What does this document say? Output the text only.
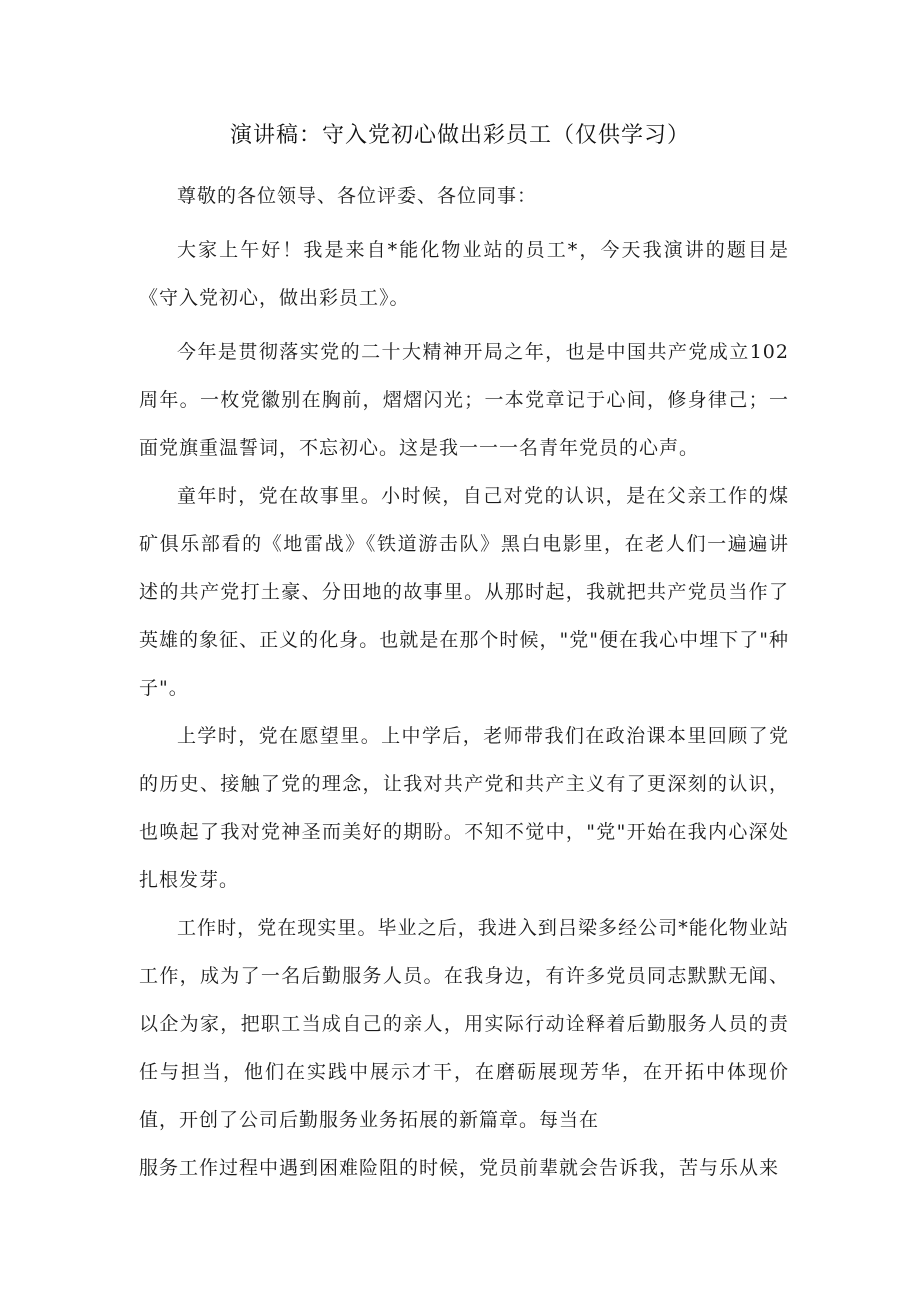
演讲稿：守入党初心做出彩员工（仅供学习）

尊敬的各位领导、各位评委、各位同事：

大家上午好！我是来自*能化物业站的员工*，今天我演讲的题目是《守入党初心，做出彩员工》。

今年是贯彻落实党的二十大精神开局之年，也是中国共产党成立102周年。一枚党徽别在胸前，熠熠闪光；一本党章记于心间，修身律己；一面党旗重温誓词，不忘初心。这是我一一一名青年党员的心声。

童年时，党在故事里。小时候，自己对党的认识，是在父亲工作的煤矿俱乐部看的《地雷战》《铁道游击队》黑白电影里，在老人们一遍遍讲述的共产党打土豪、分田地的故事里。从那时起，我就把共产党员当作了英雄的象征、正义的化身。也就是在那个时候，"党"便在我心中埋下了"种子"。

上学时，党在愿望里。上中学后，老师带我们在政治课本里回顾了党的历史、接触了党的理念，让我对共产党和共产主义有了更深刻的认识，也唤起了我对党神圣而美好的期盼。不知不觉中，"党"开始在我内心深处扎根发芽。

工作时，党在现实里。毕业之后，我进入到吕梁多经公司*能化物业站工作，成为了一名后勤服务人员。在我身边，有许多党员同志默默无闻、以企为家，把职工当成自己的亲人，用实际行动诠释着后勤服务人员的责任与担当，他们在实践中展示才干，在磨砺展现芳华，在开拓中体现价值，开创了公司后勤服务业务拓展的新篇章。每当在

服务工作过程中遇到困难险阻的时候，党员前辈就会告诉我，苦与乐从来
